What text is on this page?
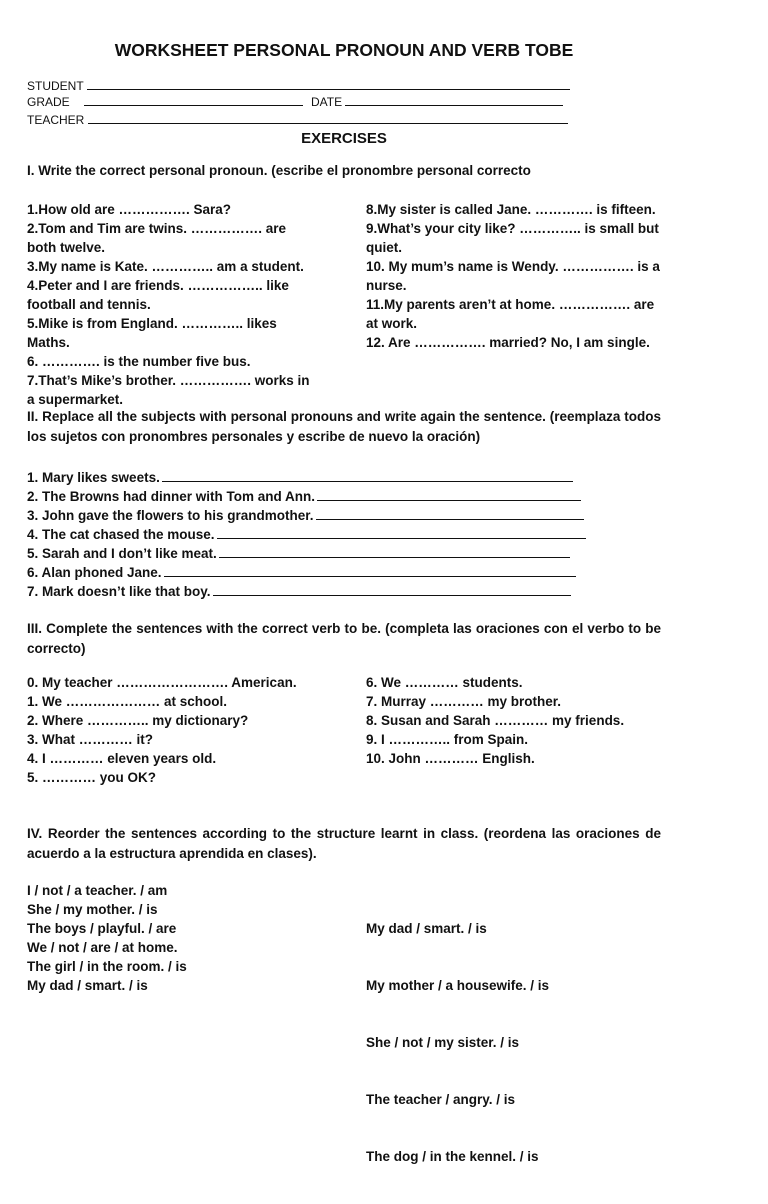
WORKSHEET PERSONAL PRONOUN AND VERB TOBE
STUDENT
GRADE	DATE
TEACHER
EXERCISES
I. Write the correct personal pronoun. (escribe el pronombre personal correcto
1.How old are ……………. Sara?
2.Tom and Tim are twins. ……………. are both twelve.
3.My name is Kate. ………….. am a student.
4.Peter and I are friends. …………….. like football and tennis.
5.Mike is from England. ………….. likes Maths.
6. …………. is the number five bus.
7.That’s Mike’s brother. ……………. works in a supermarket.
8.My sister is called Jane. …………. is fifteen.
9.What’s your city like? ………….. is small but quiet.
10. My mum’s name is Wendy. ……………. is a nurse.
11.My parents aren’t at home. ……………. are at work.
12. Are ……………. married? No, I am single.
II. Replace all the subjects with personal pronouns and write again the sentence. (reemplaza todos los sujetos con pronombres personales y escribe de nuevo la oración)
1. Mary likes sweets.
2. The Browns had dinner with Tom and Ann.
3. John gave the flowers to his grandmother.
4. The cat chased the mouse.
5. Sarah and I don’t like meat.
6. Alan phoned Jane.
7. Mark doesn’t like that boy.
III. Complete the sentences with the correct verb to be. (completa las oraciones con el verbo to be correcto)
0. My teacher ……………………. American.
1. We ………………… at school.
2. Where ………….. my dictionary?
3. What ………… it?
4. I ………… eleven years old.
5. ………… you OK?
6. We ………… students.
7. Murray ………… my brother.
8. Susan and Sarah ………… my friends.
9. I ………….. from Spain.
10. John ………… English.
IV. Reorder the sentences according to the structure learnt in class. (reordena las oraciones de acuerdo a la estructura aprendida en clases).
I / not / a teacher. / am
She / my mother. / is
The boys / playful. / are
We / not / are / at home.
The girl / in the room. / is
My dad / smart. / is

My dad / smart. / is

My mother / a housewife. / is

She / not / my sister. / is

The teacher / angry. / is

The dog / in the kennel. / is
